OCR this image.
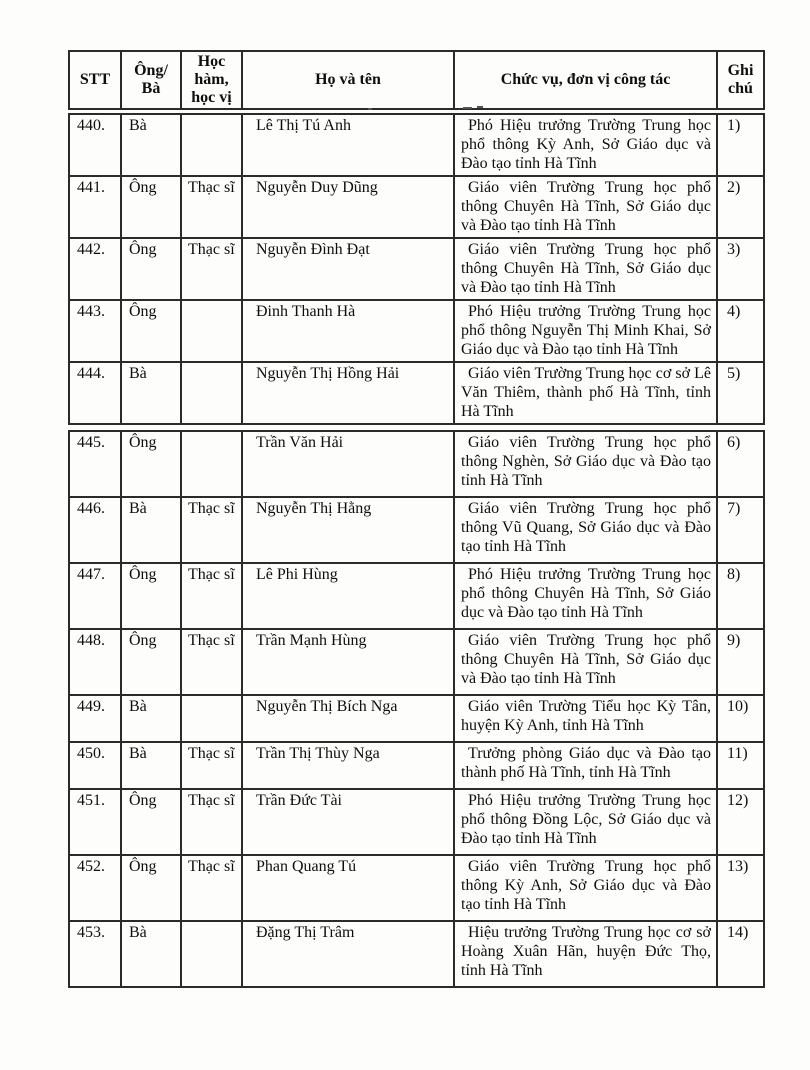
STT	Ông/ Bà	Học hàm, học vị	Họ và tên	Chức vụ, đơn vị công tác	Ghi chú
440.	Bà		Lê Thị Tú Anh	Phó Hiệu trưởng Trường Trung học phổ thông Kỳ Anh, Sở Giáo dục và Đào tạo tỉnh Hà Tĩnh	1)
441.	Ông	Thạc sĩ	Nguyễn Duy Dũng	Giáo viên Trường Trung học phổ thông Chuyên Hà Tĩnh, Sở Giáo dục và Đào tạo tỉnh Hà Tĩnh	2)
442.	Ông	Thạc sĩ	Nguyễn Đình Đạt	Giáo viên Trường Trung học phổ thông Chuyên Hà Tĩnh, Sở Giáo dục và Đào tạo tỉnh Hà Tĩnh	3)
443.	Ông		Đinh Thanh Hà	Phó Hiệu trưởng Trường Trung học phổ thông Nguyễn Thị Minh Khai, Sở Giáo dục và Đào tạo tỉnh Hà Tĩnh	4)
444.	Bà		Nguyễn Thị Hồng Hải	Giáo viên Trường Trung học cơ sở Lê Văn Thiêm, thành phố Hà Tĩnh, tỉnh Hà Tĩnh	5)
445.	Ông		Trần Văn Hải	Giáo viên Trường Trung học phổ thông Nghèn, Sở Giáo dục và Đào tạo tỉnh Hà Tĩnh	6)
446.	Bà	Thạc sĩ	Nguyễn Thị Hằng	Giáo viên Trường Trung học phổ thông Vũ Quang, Sở Giáo dục và Đào tạo tỉnh Hà Tĩnh	7)
447.	Ông	Thạc sĩ	Lê Phi Hùng	Phó Hiệu trưởng Trường Trung học phổ thông Chuyên Hà Tĩnh, Sở Giáo dục và Đào tạo tỉnh Hà Tĩnh	8)
448.	Ông	Thạc sĩ	Trần Mạnh Hùng	Giáo viên Trường Trung học phổ thông Chuyên Hà Tĩnh, Sở Giáo dục và Đào tạo tỉnh Hà Tĩnh	9)
449.	Bà		Nguyễn Thị Bích Nga	Giáo viên Trường Tiểu học Kỳ Tân, huyện Kỳ Anh, tỉnh Hà Tĩnh	10)
450.	Bà	Thạc sĩ	Trần Thị Thùy Nga	Trưởng phòng Giáo dục và Đào tạo thành phố Hà Tĩnh, tỉnh Hà Tĩnh	11)
451.	Ông	Thạc sĩ	Trần Đức Tài	Phó Hiệu trưởng Trường Trung học phổ thông Đồng Lộc, Sở Giáo dục và Đào tạo tỉnh Hà Tĩnh	12)
452.	Ông	Thạc sĩ	Phan Quang Tú	Giáo viên Trường Trung học phổ thông Kỳ Anh, Sở Giáo dục và Đào tạo tỉnh Hà Tĩnh	13)
453.	Bà		Đặng Thị Trâm	Hiệu trưởng Trường Trung học cơ sở Hoàng Xuân Hãn, huyện Đức Thọ, tỉnh Hà Tĩnh	14)
